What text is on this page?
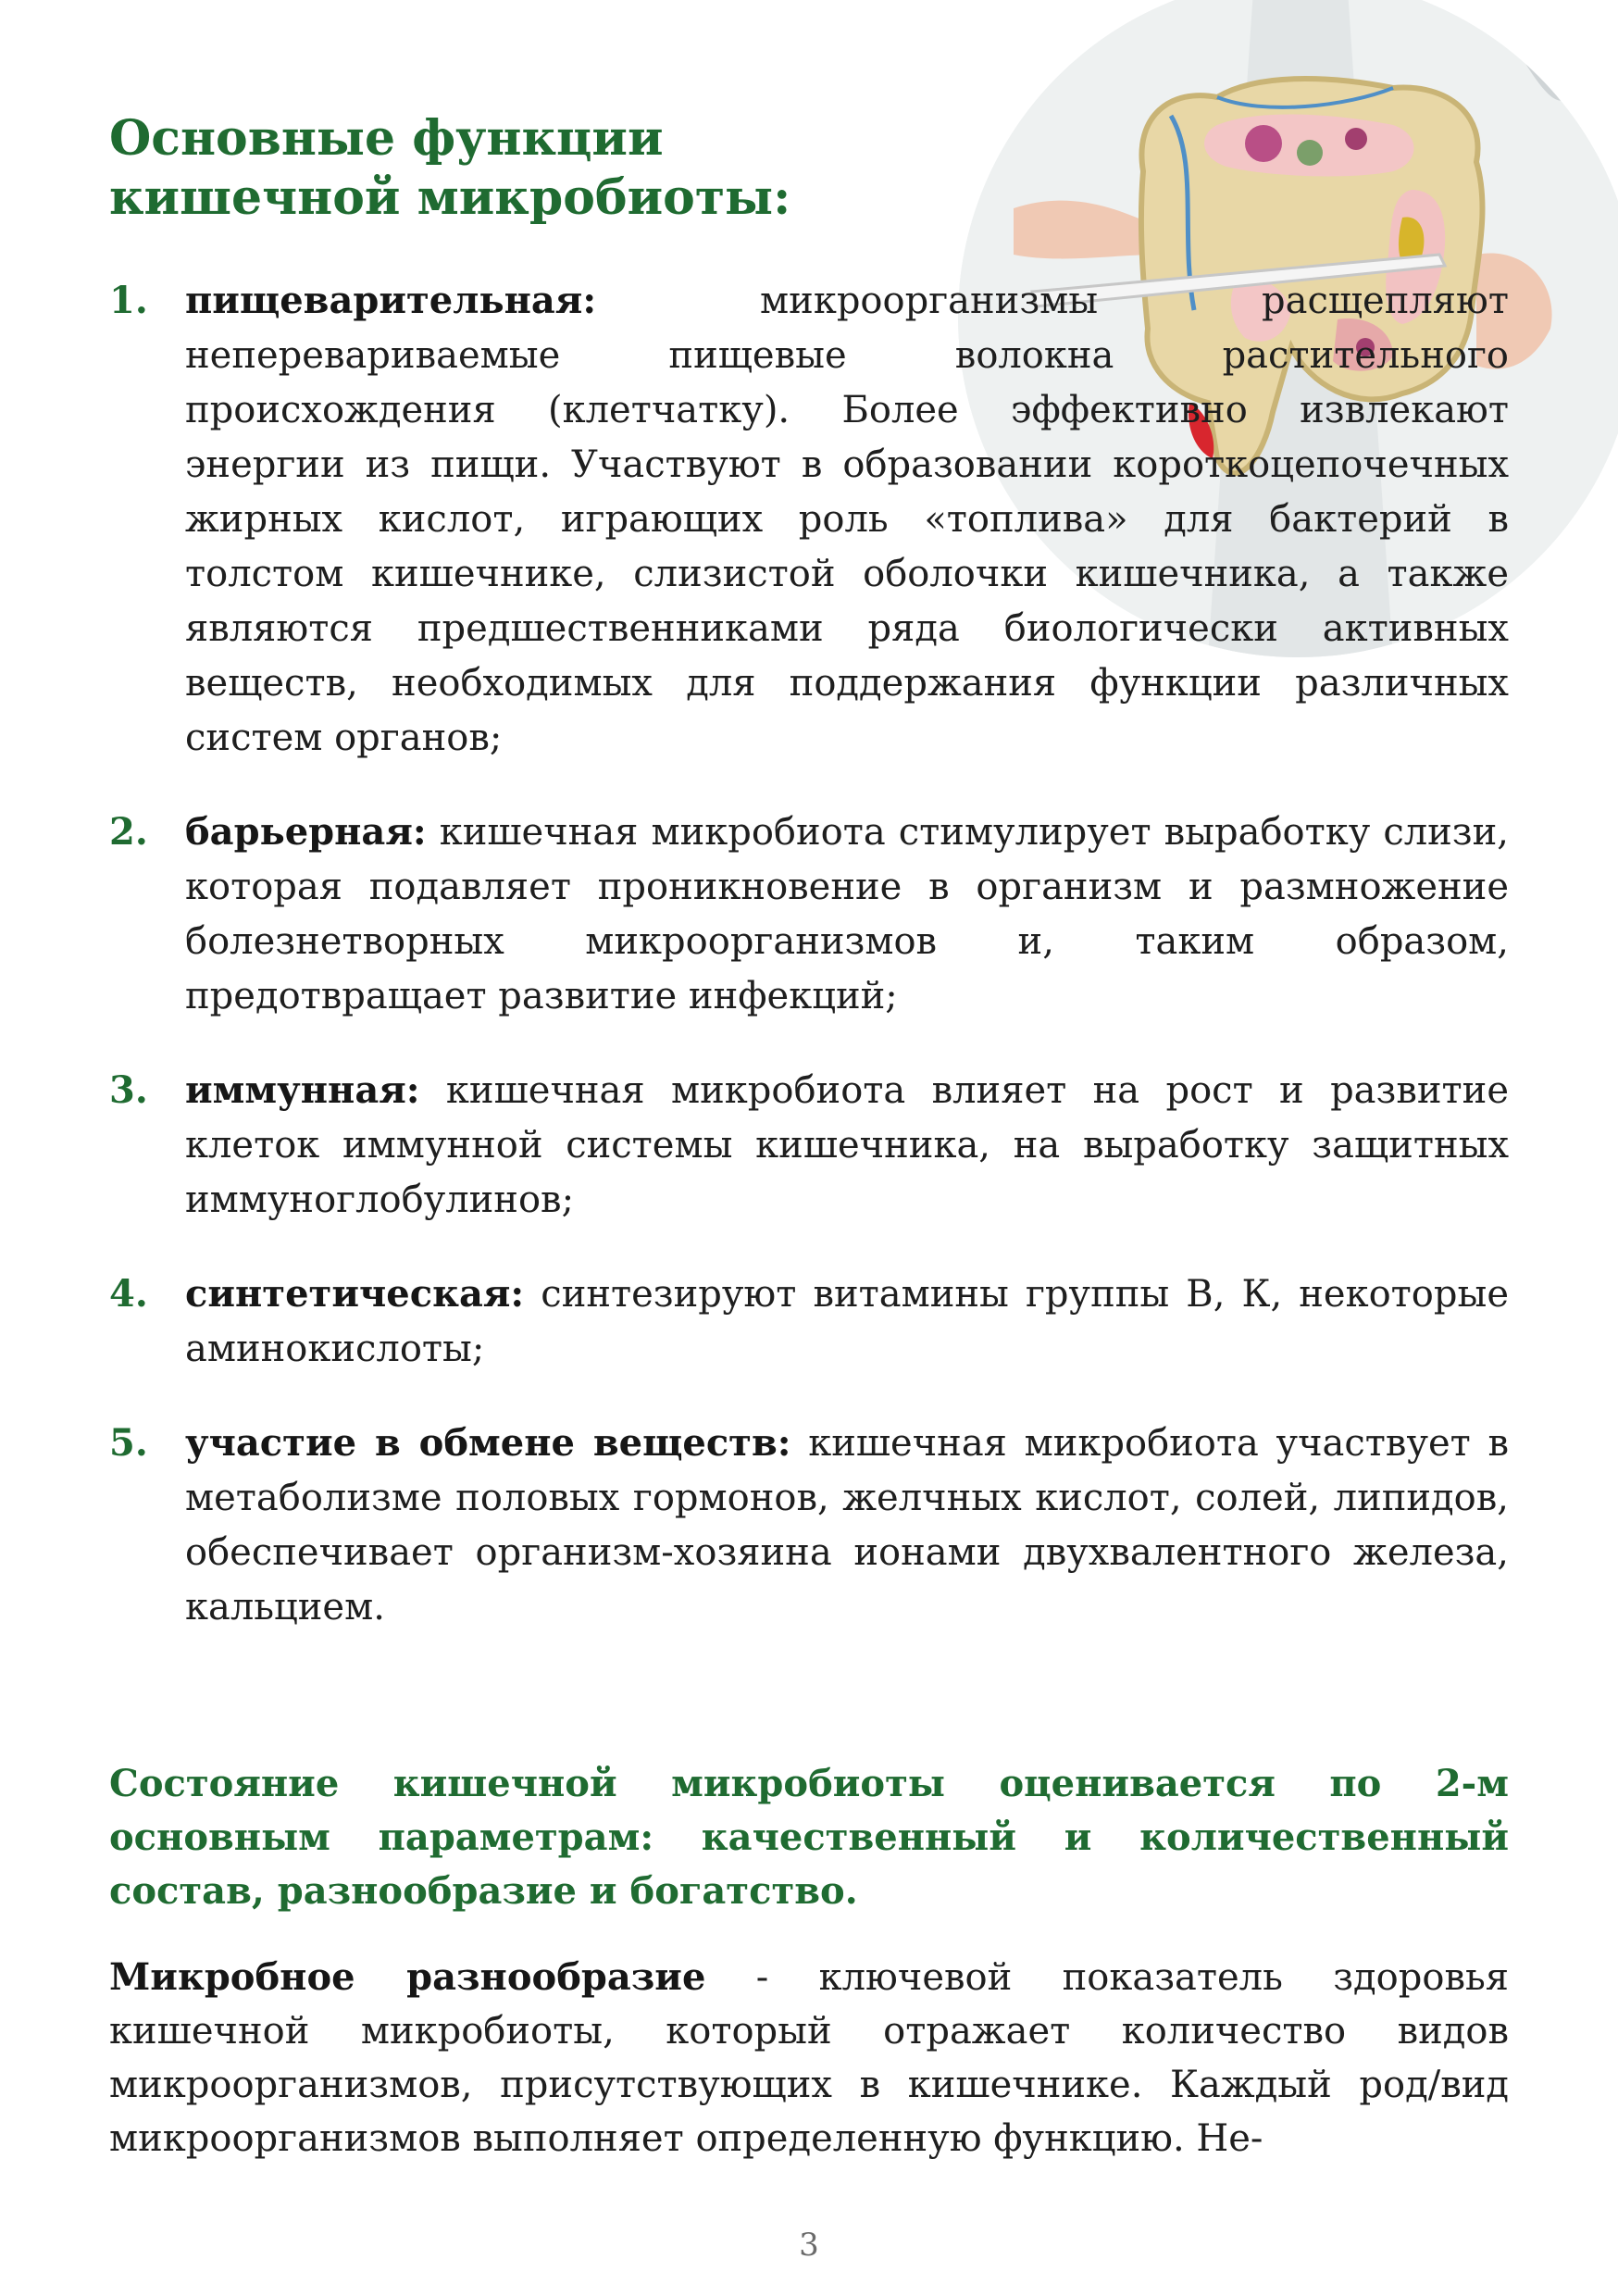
Основные функции кишечной микробиоты:
1. пищеварительная: микроорганизмы расщепляют неперевариваемые пищевые волокна растительного происхождения (клетчатку). Более эффективно извлекают энергии из пищи. Участвуют в образовании короткоцепочечных жирных кислот, играющих роль «топлива» для бактерий в толстом кишечнике, слизистой оболочки кишечника, а также являются предшественниками ряда биологически активных веществ, необходимых для поддержания функции различных систем органов;

2. барьерная: кишечная микробиота стимулирует выработку слизи, которая подавляет проникновение в организм и размножение болезнетворных микроорганизмов и, таким образом, предотвращает развитие инфекций;

3. иммунная: кишечная микробиота влияет на рост и развитие клеток иммунной системы кишечника, на выработку защитных иммуноглобулинов;

4. синтетическая: синтезируют витамины группы В, К, некоторые аминокислоты;

5. участие в обмене веществ: кишечная микробиота участвует в метаболизме половых гормонов, желчных кислот, солей, липидов, обеспечивает организм-хозяина ионами двухвалентного железа, кальцием.

Состояние кишечной микробиоты оценивается по 2-м основным параметрам: качественный и количественный состав, разнообразие и богатство.

Микробное разнообразие - ключевой показатель здоровья кишечной микробиоты, который отражает количество видов микроорганизмов, присутствующих в кишечнике. Каждый род/вид микроорганизмов выполняет определенную функцию. Не-

3
